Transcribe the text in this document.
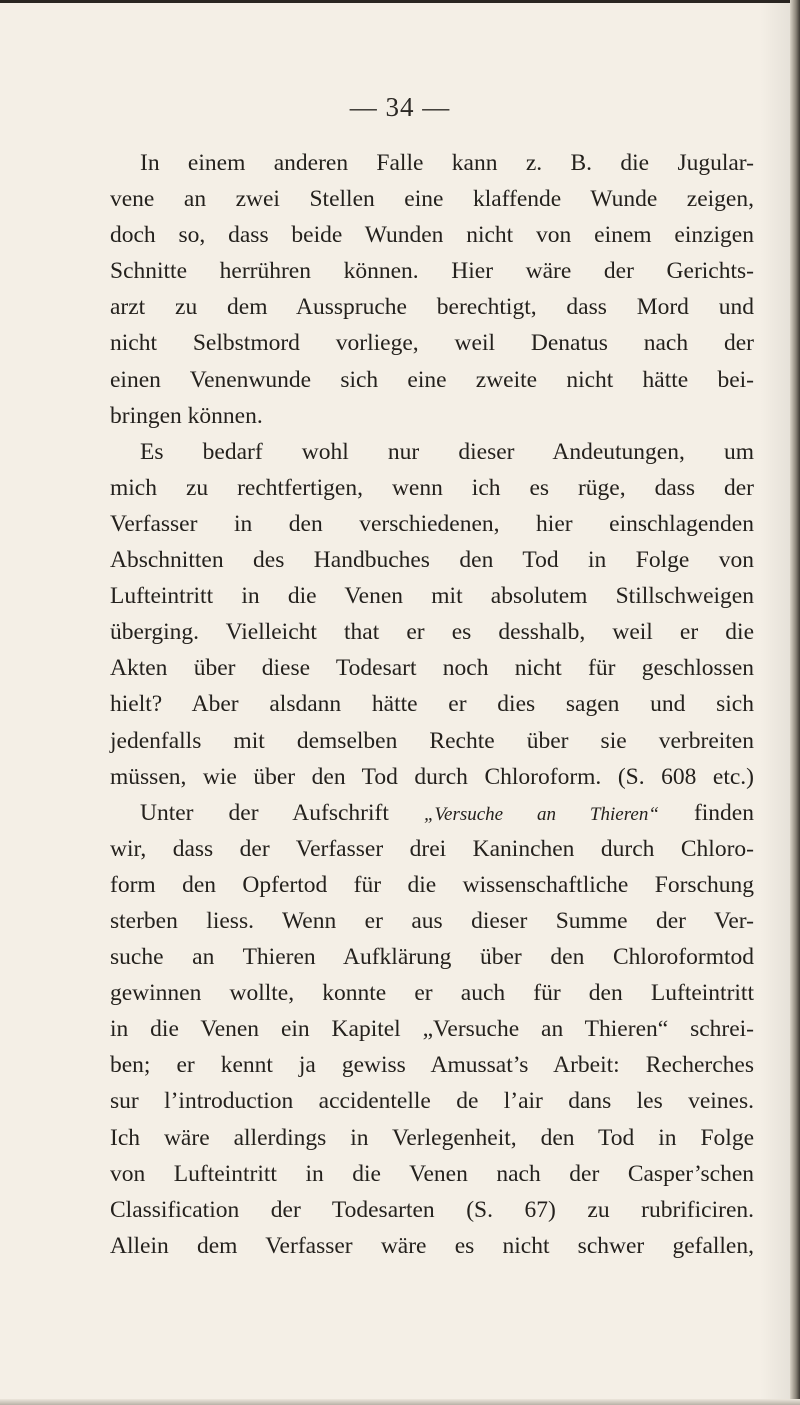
— 34 —
In einem anderen Falle kann z. B. die Jugular-
vene an zwei Stellen eine klaffende Wunde zeigen,
doch so, dass beide Wunden nicht von einem einzigen
Schnitte herrühren können. Hier wäre der Gerichts-
arzt zu dem Ausspruche berechtigt, dass Mord und
nicht Selbstmord vorliege, weil Denatus nach der
einen Venenwunde sich eine zweite nicht hätte bei-
bringen können.
Es bedarf wohl nur dieser Andeutungen, um
mich zu rechtfertigen, wenn ich es rüge, dass der
Verfasser in den verschiedenen, hier einschlagenden
Abschnitten des Handbuches den Tod in Folge von
Lufteintritt in die Venen mit absolutem Stillschweigen
überging. Vielleicht that er es desshalb, weil er die
Akten über diese Todesart noch nicht für geschlossen
hielt? Aber alsdann hätte er dies sagen und sich
jedenfalls mit demselben Rechte über sie verbreiten
müssen, wie über den Tod durch Chloroform. (S. 608 etc.)
Unter der Aufschrift „Versuche an Thieren“ finden
wir, dass der Verfasser drei Kaninchen durch Chloro-
form den Opfertod für die wissenschaftliche Forschung
sterben liess. Wenn er aus dieser Summe der Ver-
suche an Thieren Aufklärung über den Chloroformtod
gewinnen wollte, konnte er auch für den Lufteintritt
in die Venen ein Kapitel „Versuche an Thieren“ schrei-
ben; er kennt ja gewiss Amussat’s Arbeit: Recherches
sur l’introduction accidentelle de l’air dans les veines.
Ich wäre allerdings in Verlegenheit, den Tod in Folge
von Lufteintritt in die Venen nach der Casper’schen
Classification der Todesarten (S. 67) zu rubrificiren.
Allein dem Verfasser wäre es nicht schwer gefallen,
